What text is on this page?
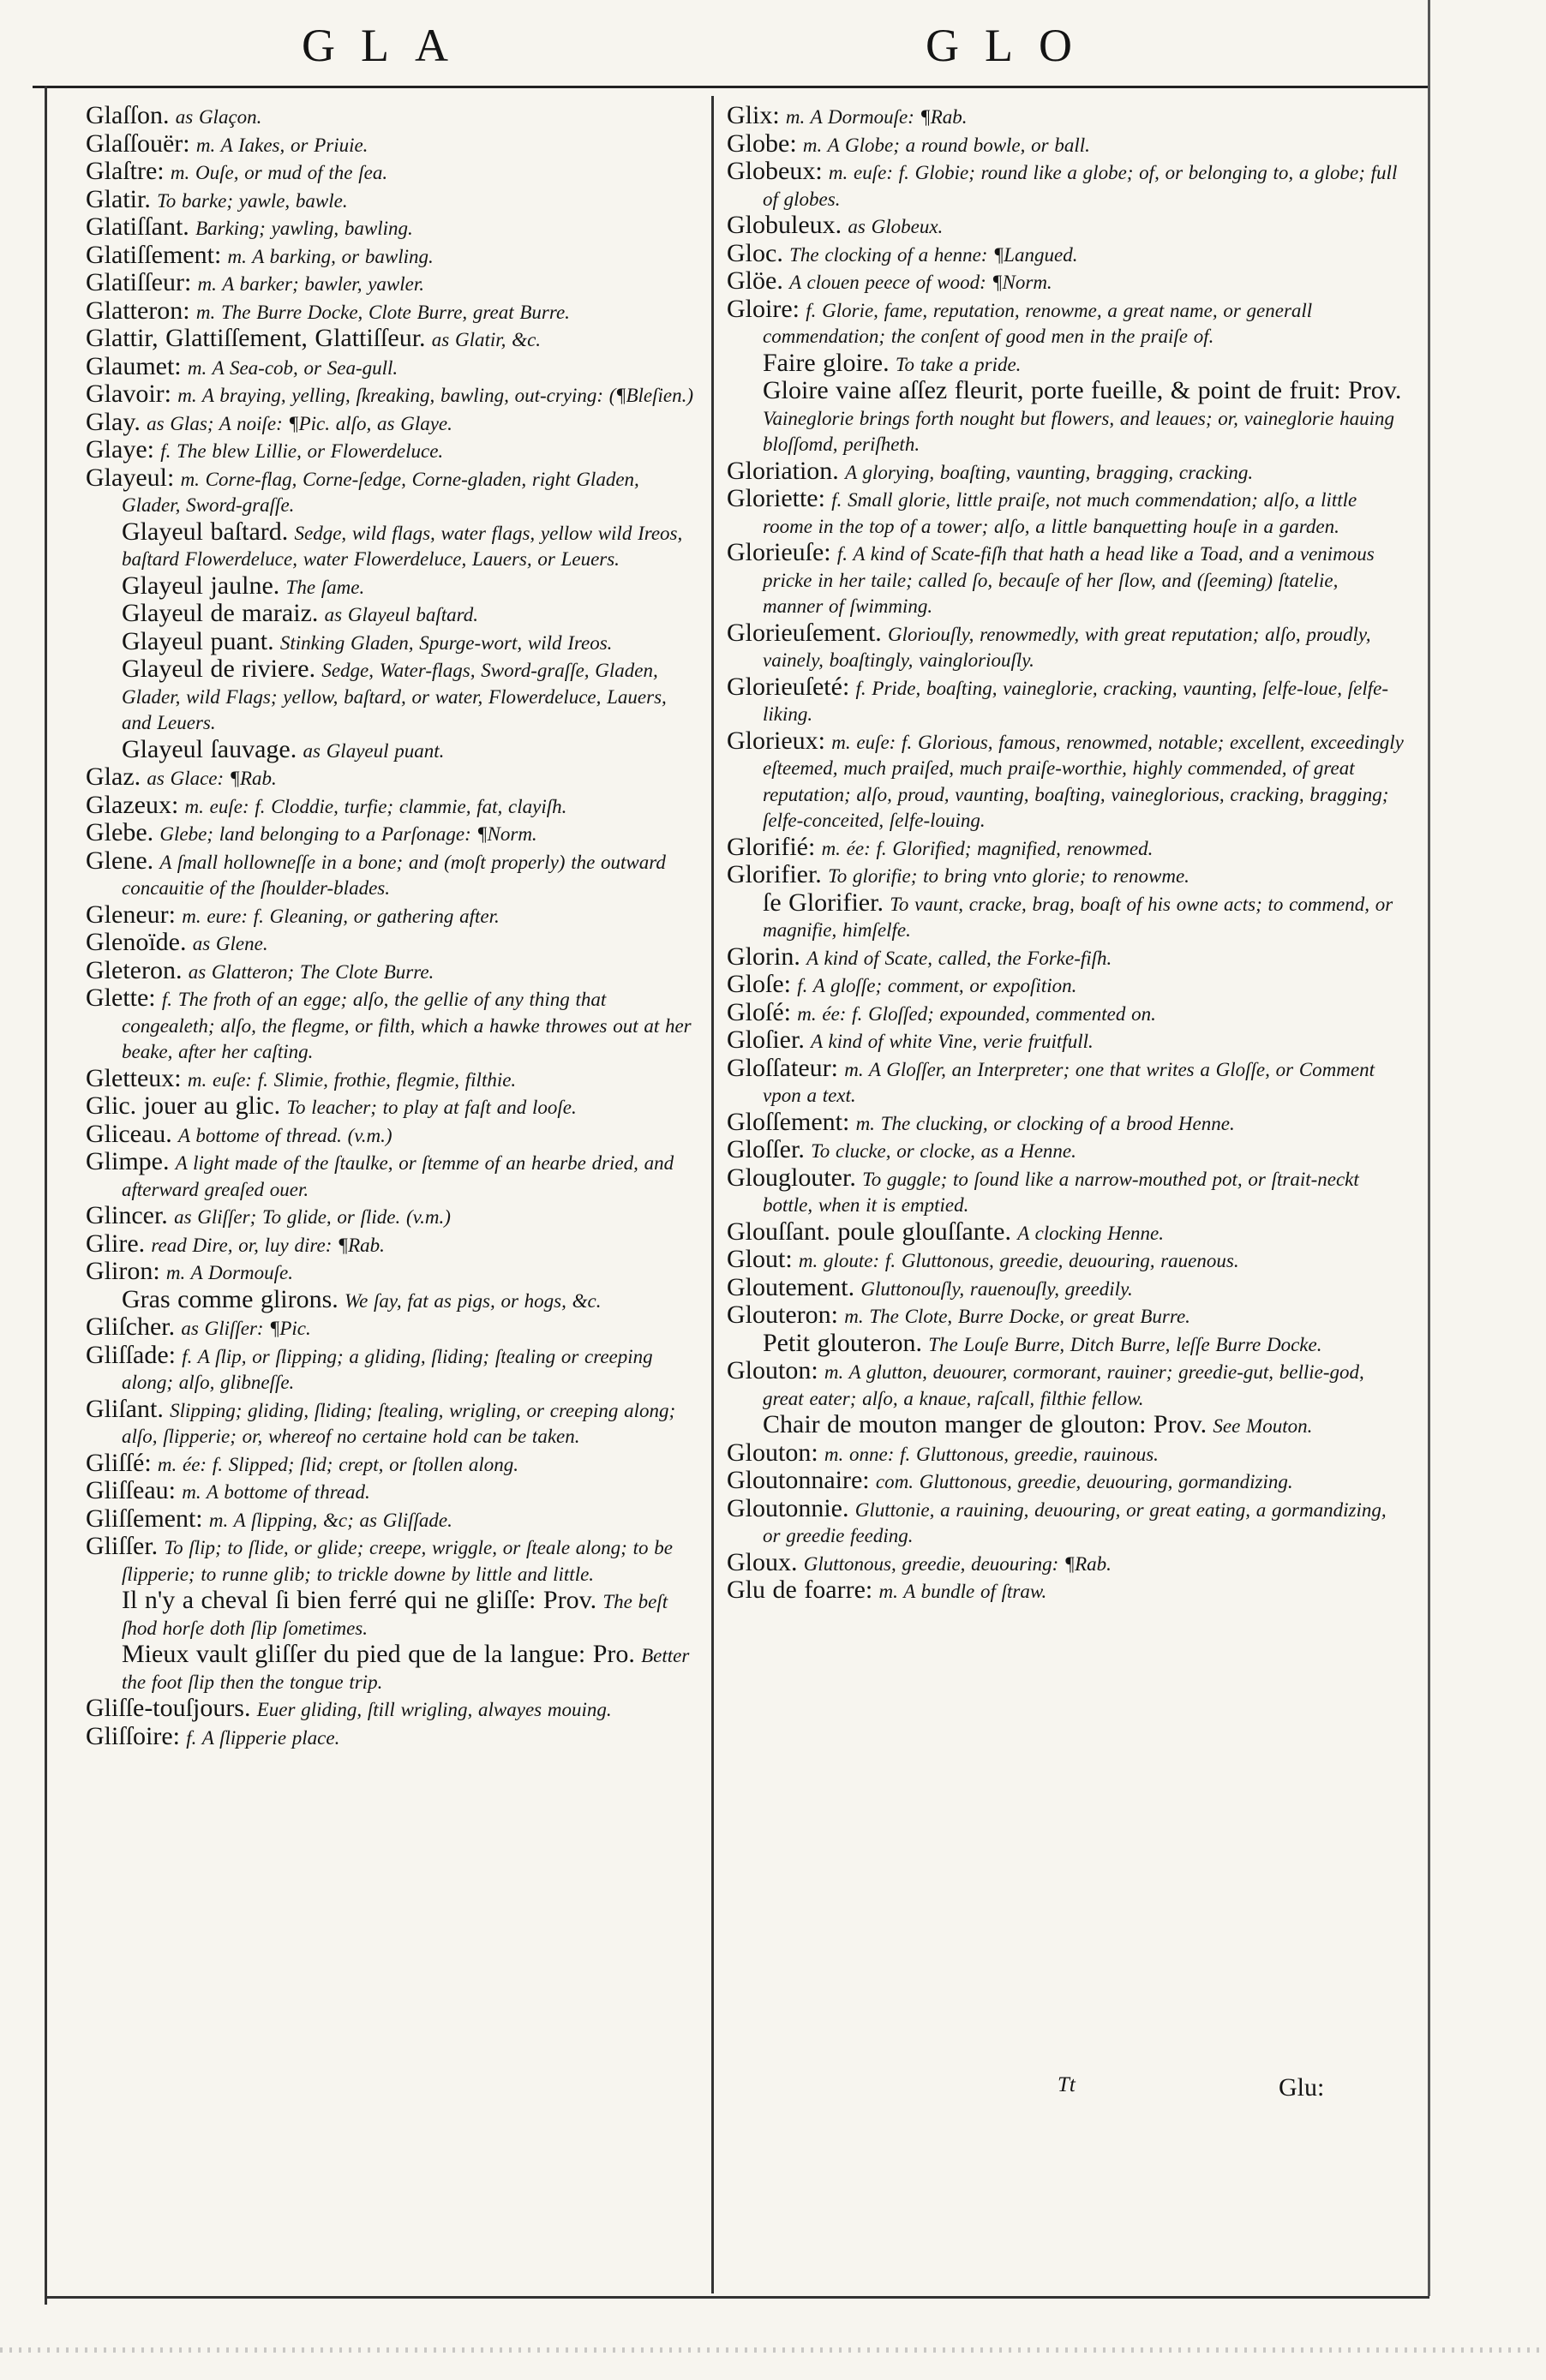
GLA	GLO

Glaſſon. as Glaçon.

Glaſſouër: m. A Iakes, or Priuie.

Glaſtre: m. Ouſe, or mud of the ſea.

Glatir. To barke; yawle, bawle.

Glatiſſant. Barking; yawling, bawling.

Glatiſſement: m. A barking, or bawling.

Glatiſſeur: m. A barker; bawler, yawler.

Glatteron: m. The Burre Docke, Clote Burre, great Burre.

Glattir, Glattiſſement, Glattiſſeur. as Glatir, &c.

Glaumet: m. A Sea-cob, or Sea-gull.

Glavoir: m. A braying, yelling, ſkreaking, bawling, out-crying: (¶Bleſien.)

Glay. as Glas; A noiſe: ¶Pic. alſo, as Glaye.

Glaye: f. The blew Lillie, or Flowerdeluce.

Glayeul: m. Corne-flag, Corne-ſedge, Corne-gladen, right Gladen, Glader, Sword-graſſe.

Glayeul baſtard. Sedge, wild flags, water flags, yellow wild Ireos, baſtard Flowerdeluce, water Flowerdeluce, Lauers, or Leuers.

Glayeul jaulne. The ſame.

Glayeul de maraiz. as Glayeul baſtard.

Glayeul puant. Stinking Gladen, Spurge-wort, wild Ireos.

Glayeul de riviere. Sedge, Water-flags, Sword-graſſe, Gladen, Glader, wild Flags; yellow, baſtard, or water, Flowerdeluce, Lauers, and Leuers.

Glayeul ſauvage. as Glayeul puant.

Glaz. as Glace: ¶Rab.

Glazeux: m. euſe: f. Cloddie, turfie; clammie, fat, clayiſh.

Glebe. Glebe; land belonging to a Parſonage: ¶Norm.

Glene. A ſmall hollowneſſe in a bone; and (moſt properly) the outward concauitie of the ſhoulder-blades.

Gleneur: m. eure: f. Gleaning, or gathering after.

Glenoïde. as Glene.

Gleteron. as Glatteron; The Clote Burre.

Glette: f. The froth of an egge; alſo, the gellie of any thing that congealeth; alſo, the flegme, or filth, which a hawke throwes out at her beake, after her caſting.

Gletteux: m. euſe: f. Slimie, frothie, flegmie, filthie.

Glic. jouer au glic. To leacher; to play at faſt and looſe.

Gliceau. A bottome of thread. (v.m.)

Glimpe. A light made of the ſtaulke, or ſtemme of an hearbe dried, and afterward greaſed ouer.

Glincer. as Gliſſer; To glide, or ſlide. (v.m.)

Glire. read Dire, or, luy dire: ¶Rab.

Gliron: m. A Dormouſe.

Gras comme glirons. We ſay, fat as pigs, or hogs, &c.

Gliſcher. as Gliſſer: ¶Pic.

Gliſſade: f. A ſlip, or ſlipping; a gliding, ſliding; ſtealing or creeping along; alſo, glibneſſe.

Gliſant. Slipping; gliding, ſliding; ſtealing, wrigling, or creeping along; alſo, ſlipperie; or, whereof no certaine hold can be taken.

Gliſſé: m. ée: f. Slipped; ſlid; crept, or ſtollen along.

Gliſſeau: m. A bottome of thread.

Gliſſement: m. A ſlipping, &c; as Gliſſade.

Gliſſer. To ſlip; to ſlide, or glide; creepe, wriggle, or ſteale along; to be ſlipperie; to runne glib; to trickle downe by little and little.

Il n'y a cheval ſi bien ferré qui ne gliſſe: Prov. The beſt ſhod horſe doth ſlip ſometimes.

Mieux vault gliſſer du pied que de la langue: Pro. Better the foot ſlip then the tongue trip.

Gliſſe-touſjours. Euer gliding, ſtill wrigling, alwayes mouing.

Gliſſoire: f. A ſlipperie place.

Glix: m. A Dormouſe: ¶Rab.

Globe: m. A Globe; a round bowle, or ball.

Globeux: m. euſe: f. Globie; round like a globe; of, or belonging to, a globe; full of globes.

Globuleux. as Globeux.

Gloc. The clocking of a henne: ¶Langued.

Glöe. A clouen peece of wood: ¶Norm.

Gloire: f. Glorie, fame, reputation, renowme, a great name, or generall commendation; the conſent of good men in the praiſe of.

Faire gloire. To take a pride.

Gloire vaine aſſez fleurit, porte fueille, & point de fruit: Prov. Vaineglorie brings forth nought but flowers, and leaues; or, vaineglorie hauing bloſſomd, periſheth.

Gloriation. A glorying, boaſting, vaunting, bragging, cracking.

Gloriette: f. Small glorie, little praiſe, not much commendation; alſo, a little roome in the top of a tower; alſo, a little banquetting houſe in a garden.

Glorieuſe: f. A kind of Scate-fiſh that hath a head like a Toad, and a venimous pricke in her taile; called ſo, becauſe of her ſlow, and (ſeeming) ſtatelie, manner of ſwimming.

Glorieuſement. Gloriouſly, renowmedly, with great reputation; alſo, proudly, vainely, boaſtingly, vaingloriouſly.

Glorieuſeté: f. Pride, boaſting, vaineglorie, cracking, vaunting, ſelfe-loue, ſelfe-liking.

Glorieux: m. euſe: f. Glorious, famous, renowmed, notable; excellent, exceedingly eſteemed, much praiſed, much praiſe-worthie, highly commended, of great reputation; alſo, proud, vaunting, boaſting, vaineglorious, cracking, bragging; ſelfe-conceited, ſelfe-louing.

Glorifié: m. ée: f. Glorified; magnified, renowmed.

Glorifier. To glorifie; to bring vnto glorie; to renowme.

ſe Glorifier. To vaunt, cracke, brag, boaſt of his owne acts; to commend, or magnifie, himſelfe.

Glorin. A kind of Scate, called, the Forke-fiſh.

Gloſe: f. A gloſſe; comment, or expoſition.

Gloſé: m. ée: f. Gloſſed; expounded, commented on.

Gloſier. A kind of white Vine, verie fruitfull.

Gloſſateur: m. A Gloſſer, an Interpreter; one that writes a Gloſſe, or Comment vpon a text.

Gloſſement: m. The clucking, or clocking of a brood Henne.

Gloſſer. To clucke, or clocke, as a Henne.

Glouglouter. To guggle; to ſound like a narrow-mouthed pot, or ſtrait-neckt bottle, when it is emptied.

Glouſſant. poule glouſſante. A clocking Henne.

Glout: m. gloute: f. Gluttonous, greedie, deuouring, rauenous.

Gloutement. Gluttonouſly, rauenouſly, greedily.

Glouteron: m. The Clote, Burre Docke, or great Burre.

Petit glouteron. The Louſe Burre, Ditch Burre, leſſe Burre Docke.

Glouton: m. A glutton, deuourer, cormorant, rauiner; greedie-gut, bellie-god, great eater; alſo, a knaue, raſcall, filthie fellow.

Chair de mouton manger de glouton: Prov. See Mouton.

Glouton: m. onne: f. Gluttonous, greedie, rauinous.

Gloutonnaire: com. Gluttonous, greedie, deuouring, gormandizing.

Gloutonnie. Gluttonie, a rauining, deuouring, or great eating, a gormandizing, or greedie feeding.

Gloux. Gluttonous, greedie, deuouring: ¶Rab.

Glu de foarre: m. A bundle of ſtraw.

Tt	Glu:
